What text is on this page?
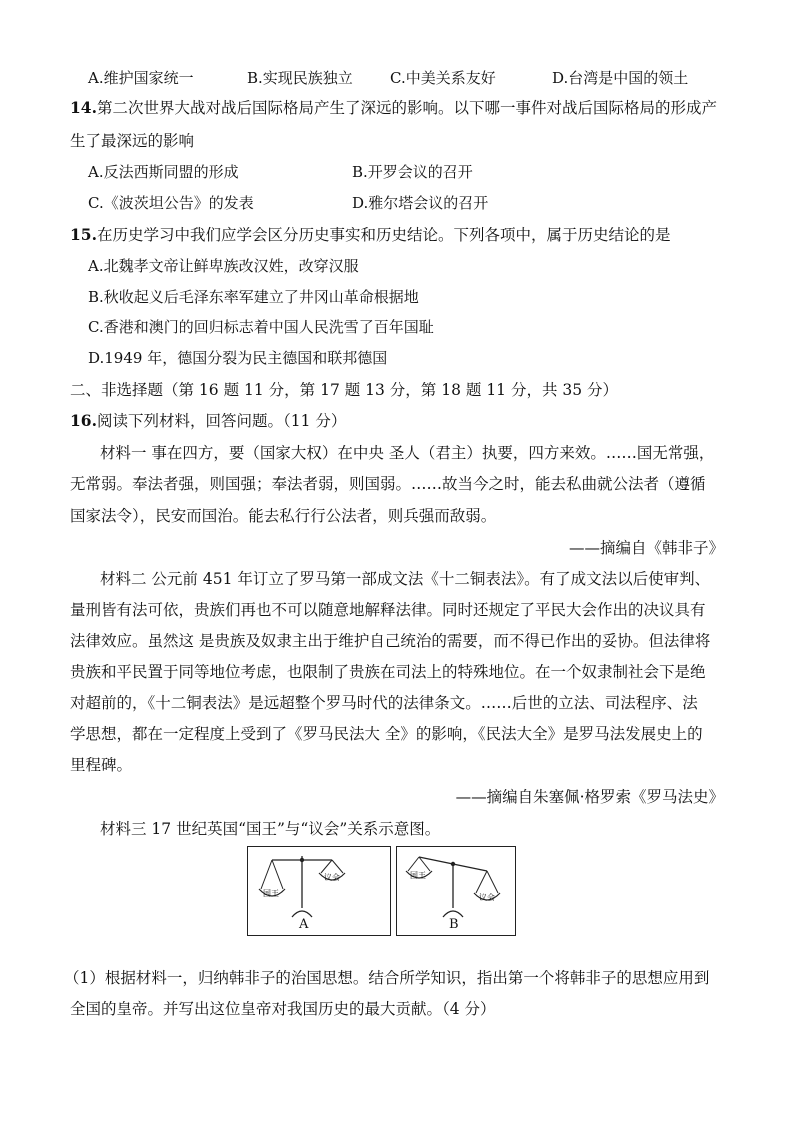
A.维护国家统一	B.实现民族独立 C.中美关系友好	D.台湾是中国的领土
14.第二次世界大战对战后国际格局产生了深远的影响。以下哪一事件对战后国际格局的形成产
生了最深远的影响
A.反法西斯同盟的形成	B.开罗会议的召开
C.《波茨坦公告》的发表	D.雅尔塔会议的召开
15.在历史学习中我们应学会区分历史事实和历史结论。下列各项中，属于历史结论的是
A.北魏孝文帝让鲜卑族改汉姓，改穿汉服
B.秋收起义后毛泽东率军建立了井冈山革命根据地
C.香港和澳门的回归标志着中国人民洗雪了百年国耻
D.1949 年，德国分裂为民主德国和联邦德国
二、非选择题（第 16 题 11 分，第 17 题 13 分，第 18 题 11 分，共 35 分）
16.阅读下列材料，回答问题。（11 分）
材料一 事在四方，要（国家大权）在中央 圣人（君主）执要，四方来效。……国无常强，
无常弱。奉法者强，则国强；奉法者弱，则国弱。……故当今之时，能去私曲就公法者（遵循
国家法令），民安而国治。能去私行行公法者，则兵强而敌弱。
——摘编自《韩非子》
材料二 公元前 451 年订立了罗马第一部成文法《十二铜表法》。有了成文法以后使审判、
量刑皆有法可依，贵族们再也不可以随意地解释法律。同时还规定了平民大会作出的决议具有
法律效应。虽然这 是贵族及奴隶主出于维护自己统治的需要，而不得已作出的妥协。但法律将
贵族和平民置于同等地位考虑，也限制了贵族在司法上的特殊地位。在一个奴隶制社会下是绝
对超前的，《十二铜表法》是远超整个罗马时代的法律条文。……后世的立法、司法程序、法
学思想，都在一定程度上受到了《罗马民法大 全》的影响，《民法大全》是罗马法发展史上的
里程碑。
——摘编自朱塞佩·格罗索《罗马法史》
材料三 17 世纪英国“国王”与“议会”关系示意图。
国王
议会
A
国王
议会
B
（1）根据材料一，归纳韩非子的治国思想。结合所学知识，指出第一个将韩非子的思想应用到
全国的皇帝。并写出这位皇帝对我国历史的最大贡献。（4 分）
